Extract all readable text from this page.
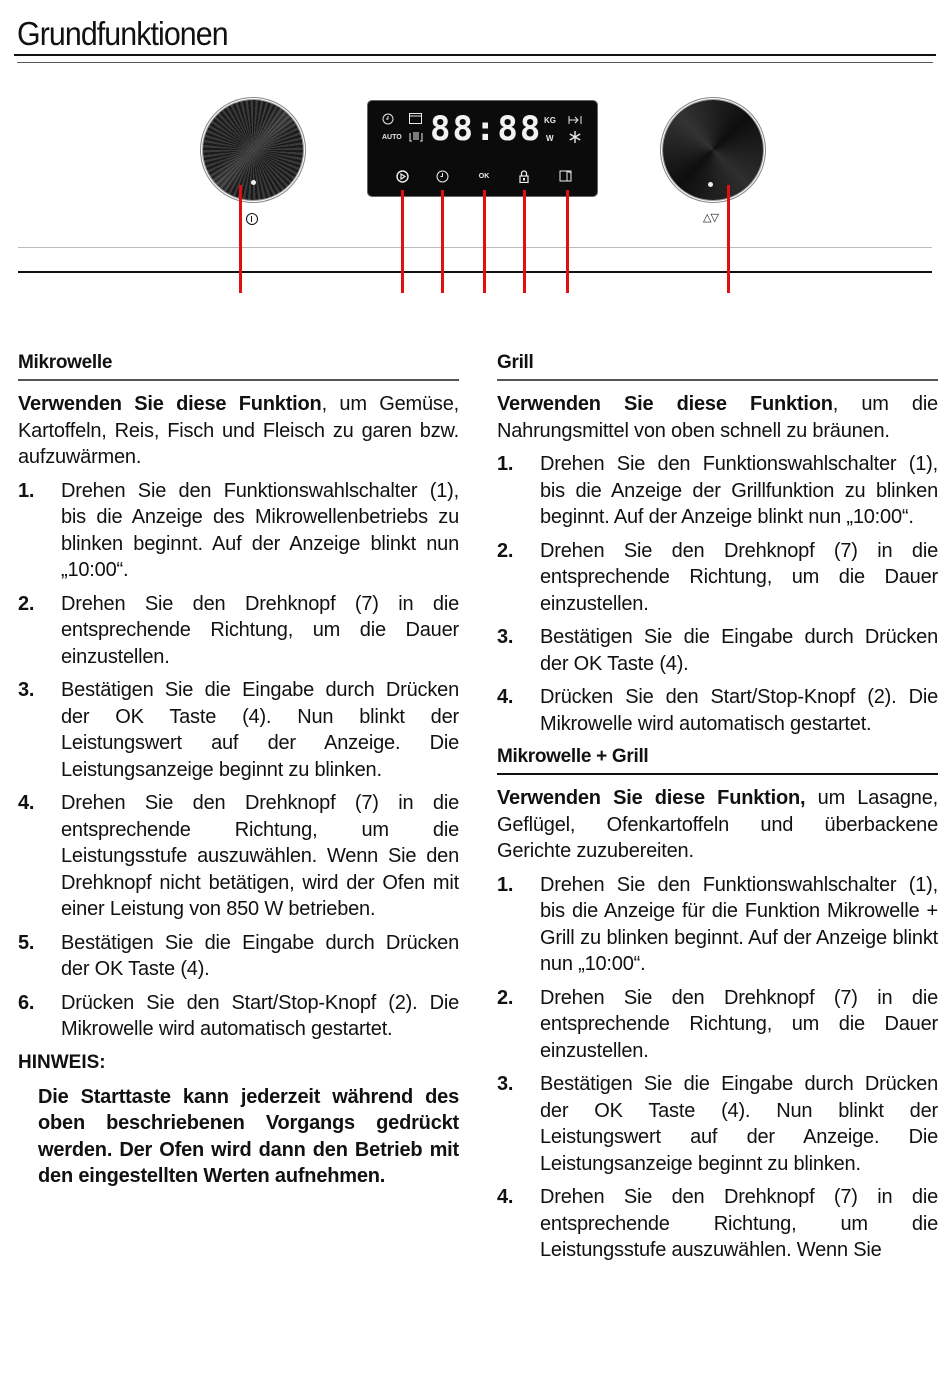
Grundfunktionen
AUTO 88:88 KG
W
OK
△▽
Mikrowelle

Verwenden Sie diese Funktion, um Gemüse, Kartoffeln, Reis, Fisch und Fleisch zu garen bzw. aufzuwärmen.

1. Drehen Sie den Funktionswahlschalter (1), bis die Anzeige des Mikrowellenbetriebs zu blinken beginnt. Auf der Anzeige blinkt nun „10:00“.
2. Drehen Sie den Drehknopf (7) in die entsprechende Richtung, um die Dauer einzustellen.
3. Bestätigen Sie die Eingabe durch Drücken der OK Taste (4). Nun blinkt der Leistungswert auf der Anzeige. Die Leistungsanzeige beginnt zu blinken.
4. Drehen Sie den Drehknopf (7) in die entsprechende Richtung, um die Leistungsstufe auszuwählen. Wenn Sie den Drehknopf nicht betätigen, wird der Ofen mit einer Leistung von 850 W betrieben.
5. Bestätigen Sie die Eingabe durch Drücken der OK Taste (4).
6. Drücken Sie den Start/Stop-Knopf (2). Die Mikrowelle wird automatisch gestartet.
HINWEIS:
Die Starttaste kann jederzeit während des oben beschriebenen Vorgangs gedrückt werden. Der Ofen wird dann den Betrieb mit den eingestellten Werten aufnehmen.
Grill

Verwenden Sie diese Funktion, um die Nahrungsmittel von oben schnell zu bräunen.

1. Drehen Sie den Funktionswahlschalter (1), bis die Anzeige der Grillfunktion zu blinken beginnt. Auf der Anzeige blinkt nun „10:00“.
2. Drehen Sie den Drehknopf (7) in die entsprechende Richtung, um die Dauer einzustellen.
3. Bestätigen Sie die Eingabe durch Drücken der OK Taste (4).
4. Drücken Sie den Start/Stop-Knopf (2). Die Mikrowelle wird automatisch gestartet.
Mikrowelle + Grill

Verwenden Sie diese Funktion, um Lasagne, Geflügel, Ofenkartoffeln und überbackene Gerichte zuzubereiten.

1. Drehen Sie den Funktionswahlschalter (1), bis die Anzeige für die Funktion Mikrowelle + Grill zu blinken beginnt. Auf der Anzeige blinkt nun „10:00“.
2. Drehen Sie den Drehknopf (7) in die entsprechende Richtung, um die Dauer einzustellen.
3. Bestätigen Sie die Eingabe durch Drücken der OK Taste (4). Nun blinkt der Leistungswert auf der Anzeige. Die Leistungsanzeige beginnt zu blinken.
4. Drehen Sie den Drehknopf (7) in die entsprechende Richtung, um die Leistungsstufe auszuwählen. Wenn Sie
